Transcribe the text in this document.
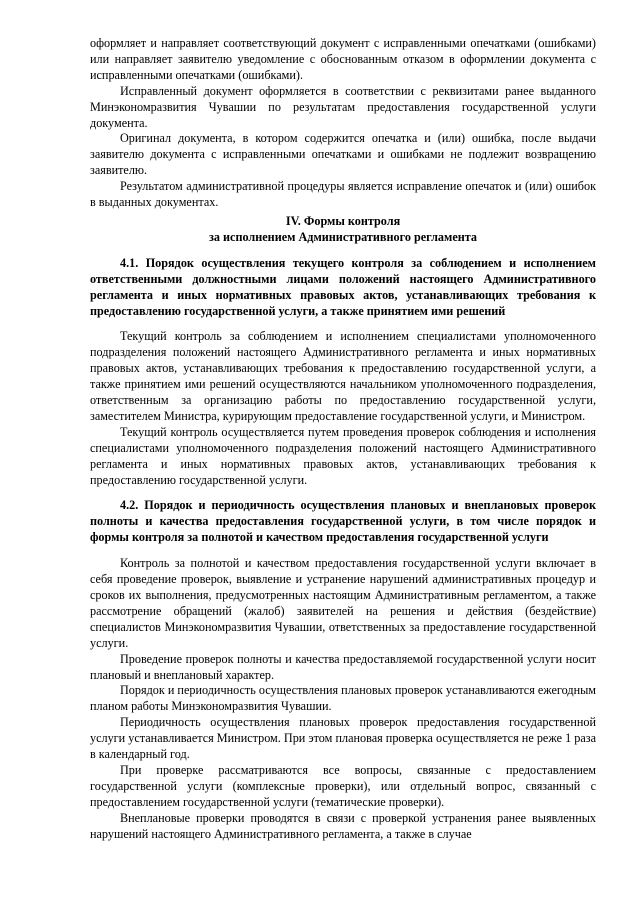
оформляет и направляет соответствующий документ с исправленными опечатками (ошибками) или направляет заявителю уведомление с обоснованным отказом в оформлении документа с исправленными опечатками (ошибками).

Исправленный документ оформляется в соответствии с реквизитами ранее выданного Минэкономразвития Чувашии по результатам предоставления государственной услуги документа.

Оригинал документа, в котором содержится опечатка и (или) ошибка, после выдачи заявителю документа с исправленными опечатками и ошибками не подлежит возвращению заявителю.

Результатом административной процедуры является исправление опечаток и (или) ошибок в выданных документах.

IV. Формы контроля

за исполнением Административного регламента

4.1. Порядок осуществления текущего контроля за соблюдением и исполнением ответственными должностными лицами положений настоящего Административного регламента и иных нормативных правовых актов, устанавливающих требования к предоставлению государственной услуги, а также принятием ими решений

Текущий контроль за соблюдением и исполнением специалистами уполномоченного подразделения положений настоящего Административного регламента и иных нормативных правовых актов, устанавливающих требования к предоставлению государственной услуги, а также принятием ими решений осуществляются начальником уполномоченного подразделения, ответственным за организацию работы по предоставлению государственной услуги, заместителем Министра, курирующим предоставление государственной услуги, и Министром.

Текущий контроль осуществляется путем проведения проверок соблюдения и исполнения специалистами уполномоченного подразделения положений настоящего Административного регламента и иных нормативных правовых актов, устанавливающих требования к предоставлению государственной услуги.

4.2. Порядок и периодичность осуществления плановых и внеплановых проверок полноты и качества предоставления государственной услуги, в том числе порядок и формы контроля за полнотой и качеством предоставления государственной услуги

Контроль за полнотой и качеством предоставления государственной услуги включает в себя проведение проверок, выявление и устранение нарушений административных процедур и сроков их выполнения, предусмотренных настоящим Административным регламентом, а также рассмотрение обращений (жалоб) заявителей на решения и действия (бездействие) специалистов Минэкономразвития Чувашии, ответственных за предоставление государственной услуги.

Проведение проверок полноты и качества предоставляемой государственной услуги носит плановый и внеплановый характер.

Порядок и периодичность осуществления плановых проверок устанавливаются ежегодным планом работы Минэкономразвития Чувашии.

Периодичность осуществления плановых проверок предоставления государственной услуги устанавливается Министром. При этом плановая проверка осуществляется не реже 1 раза в календарный год.

При проверке рассматриваются все вопросы, связанные с предоставлением государственной услуги (комплексные проверки), или отдельный вопрос, связанный с предоставлением государственной услуги (тематические проверки).

Внеплановые проверки проводятся в связи с проверкой устранения ранее выявленных нарушений настоящего Административного регламента, а также в случае
